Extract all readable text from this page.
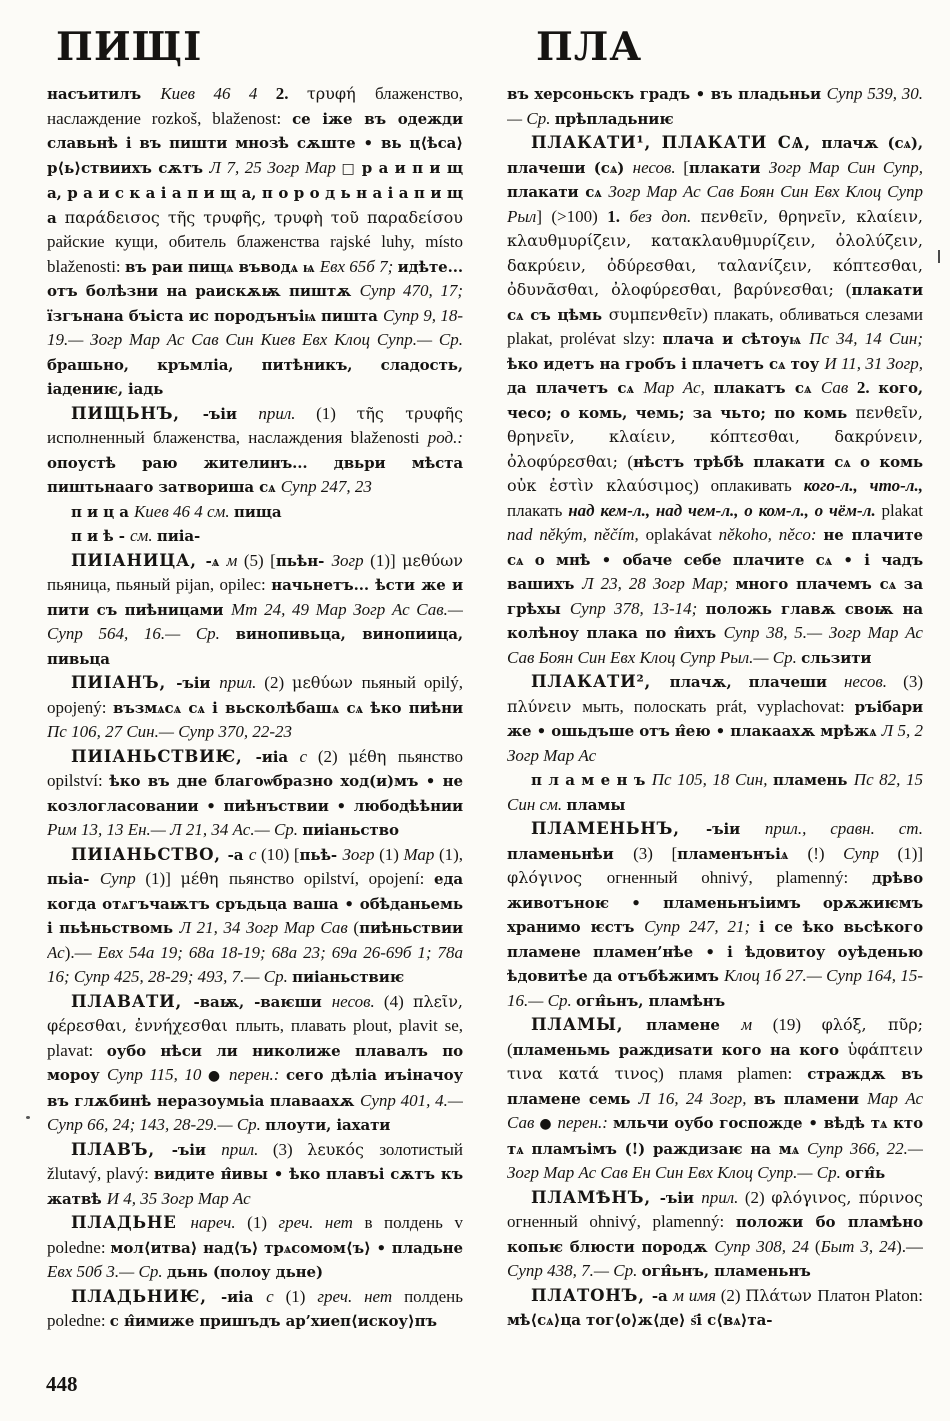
ПИЩІ	ПЛА

насъитилъ Киев 46 4 2. τρυφή блаженство, наслаждение rozkoš, blaženost: се іже въ одежди славьнѣ і въ пишти мнозѣ сѫште • вь ц⟨ѣса⟩р⟨ь⟩ствиихъ сѫтъ Л 7, 25 Зогр Мар □ р а и п и щ а, р а и с к а і а п и щ а, п о р о д ь н а і а п и щ а παράδεισος τῆς τρυφῆς, τρυφὴ τοῦ παραδείσου райские кущи, обитель блаженства rajské luhy, místo blaženosti: въ раи пищѧ въводѧ ѩ Евх 65б 7; идѣте... отъ болѣзни на раискѫѭ пиштѫ Супр 470, 17; їзгънана бъіста ис породънъіѩ пишта Супр 9, 18-19.— Зогр Мар Ас Сав Син Киев Евх Клоц Супр.— Ср. брашьно, кръмліа, питѣникъ, сладость, іадениѥ, іадь

ПИЩЬНЪ, -ъіи прил. (1) τῆς τρυφῆς исполненный блаженства, наслаждения blaženosti род.: опоустѣ раю жителинъ... двьри мѣста пиштьнааго затвориша сѧ Супр 247, 23

п и ц а Киев 46 4 см. пища

п и ѣ - см. пиіа-

ПИІАНИЦА, -ѧ м (5) [пьѣн- Зогр (1)] μεθύων пьяница, пьяный pijan, opilec: начьнетъ... ѣсти же и пити съ пиѣницами Мт 24, 49 Мар Зогр Ас Сав.— Супр 564, 16.— Ср. винопивьца, винопиица, пивьца

ПИІАНЪ, -ъіи прил. (2) μεθύων пьяный opilý, opojený: възмѧсѧ сѧ і вьсколѣбашѧ сѧ ѣко пиѣни Пс 106, 27 Син.— Супр 370, 22-23

ПИІАНЬСТВИѤ, -иіа с (2) μέθη пьянство opilství: ѣко въ дне благоѡбразно ход(и)мъ • не козлогласовании • пиѣнъствии • любодѣѣнии Рим 13, 13 Ен.— Л 21, 34 Ас.— Ср. пиіаньство

ПИІАНЬСТВО, -а с (10) [пьѣ- Зогр (1) Мар (1), пьіа- Супр (1)] μέθη пьянство opilství, opojení: еда когда отѧгъчаѭтъ сръдьца ваша • обѣданьемь і пьѣньствомь Л 21, 34 Зогр Мар Сав (пиѣньствии Ас).— Евх 54а 19; 68а 18-19; 68а 23; 69а 26-69б 1; 78а 16; Супр 425, 28-29; 493, 7.— Ср. пиіаньствиѥ

ПЛАВАТИ, -ваѭ, -ваѥши несов. (4) πλεῖν, φέρεσθαι, ἐννήχεσθαι плыть, плавать plout, plavit se, plavat: оубо нѣси ли николиже плавалъ по мороу Супр 115, 10 ● перен.: сего дѣліа иъіначоу въ глѫбинѣ неразоумьіа плаваахѫ Супр 401, 4.— Супр 66, 24; 143, 28-29.— Ср. плоути, іахати

ПЛАВЪ, -ъіи прил. (3) λευκός золотистый žlutavý, plavý: видите н̂ивы • ѣко плавъі сѫтъ къ жатвѣ И 4, 35 Зогр Мар Ас

ПЛАДЬНЕ нареч. (1) греч. нет в полдень v poledne: мол⟨итва⟩ над⟨ъ⟩ трѧсомом⟨ъ⟩ • пладьне Евх 50б 3.— Ср. дьнь (полоу дьне)

ПЛАДЬНИѤ, -иіа с (1) греч. нет полдень poledne: с н̂имиже пришъдъ ар’хиеп⟨искоу⟩пъ

въ херсоньскъ градъ • въ пладьньи Супр 539, 30.— Ср. прѣпладьниѥ

ПЛАКАТИ¹, ПЛАКАТИ СѦ, плачѫ (сѧ), плачеши (сѧ) несов. [плакати Зогр Мар Син Супр, плакати сѧ Зогр Мар Ас Сав Боян Син Евх Клоц Супр Рыл] (>100) 1. без доп. πενθεῖν, θρηνεῖν, κλαίειν, κλαυθμυρίζειν, κατακλαυθμυρίζειν, ὀλολύζειν, δακρύειν, ὀδύρεσθαι, ταλανίζειν, κόπτεσθαι, ὀδυνᾶσθαι, ὀλοφύρεσθαι, βαρύνεσθαι; (плакати сѧ съ цѣмь συμπενθεῖν) плакать, обливаться слезами plakat, prolévat slzy: плача и сѣтоуѩ Пс 34, 14 Син; ѣко идетъ на гробъ і плачетъ сѧ тоу И 11, 31 Зогр, да плачетъ сѧ Мар Ас, плакатъ сѧ Сав 2. кого, чесо; о комь, чемь; за чьто; по комь πενθεῖν, θρηνεῖν, κλαίειν, κόπτεσθαι, δακρύνειν, ὀλοφύρεσθαι; (нѣстъ трѣбѣ плакати сѧ о комь οὐκ ἐστὶν κλαύσιμος) оплакивать кого-л., что-л., плакать над кем-л., над чем-л., о ком-л., о чём-л. plakat nad někým, něčím, oplakávat někoho, něco: не плачите сѧ о мнѣ • обаче себе плачите сѧ • і чадъ вашихъ Л 23, 28 Зогр Мар; много плачемъ сѧ за грѣхы Супр 378, 13-14; положь главѫ своѭ на колѣноу плака по н̂ихъ Супр 38, 5.— Зогр Мар Ас Сав Боян Син Евх Клоц Супр Рыл.— Ср. сльзити

ПЛАКАТИ², плачѫ, плачеши несов. (3) πλύνειν мыть, полоскать prát, vyplachovat: ръібари же • ошьдъше отъ н̂ею • плакаахѫ мрѣжѧ Л 5, 2 Зогр Мар Ас

п л а м е н ъ Пс 105, 18 Син, пламень Пс 82, 15 Син см. пламы

ПЛАМЕНЬНЪ, -ъіи прил., сравн. ст. пламеньнѣи (3) [пламенънъіѧ (!) Супр (1)] φλόγινος огненный ohnivý, plamenný: дрѣво животъноѥ • пламеньнъіимъ орѫжиѥмъ хранимо ѥстъ Супр 247, 21; і се ѣко вьсѣкого пламене пламен’нѣе • і ѣдовитоу оуѣденью ѣдовитѣе да отъбѣжимъ Клоц 1б 27.— Супр 164, 15-16.— Ср. огн̂ьнъ, пламѣнъ

ПЛАМЫ, пламене м (19) φλόξ, πῦρ; (пламеньмь раждиѕати кого на кого ὑφάπτειν τινα κατά τινος) пламя plamen: страждѫ въ пламене семь Л 16, 24 Зогр, въ пламени Мар Ас Сав ● перен.: мльчи оубо госпожде • вѣдѣ тѧ кто тѧ пламъімъ (!) раждизаѥ на мѧ Супр 366, 22.— Зогр Мар Ас Сав Ен Син Евх Клоц Супр.— Ср. огн̂ь

ПЛАМѢНЪ, -ъіи прил. (2) φλόγινος, πύρινος огненный ohnivý, plamenný: положи бо пламѣно копьѥ блюсти породѫ Супр 308, 24 (Быт 3, 24).— Супр 438, 7.— Ср. огн̂ьнъ, пламеньнъ

ПЛАТОНЪ, -а м имя (2) Πλάτων Платон Platon: мѣ⟨сѧ⟩ца тог⟨о⟩ж⟨де⟩ ѕ҃і с⟨вѧ⟩та-

448
